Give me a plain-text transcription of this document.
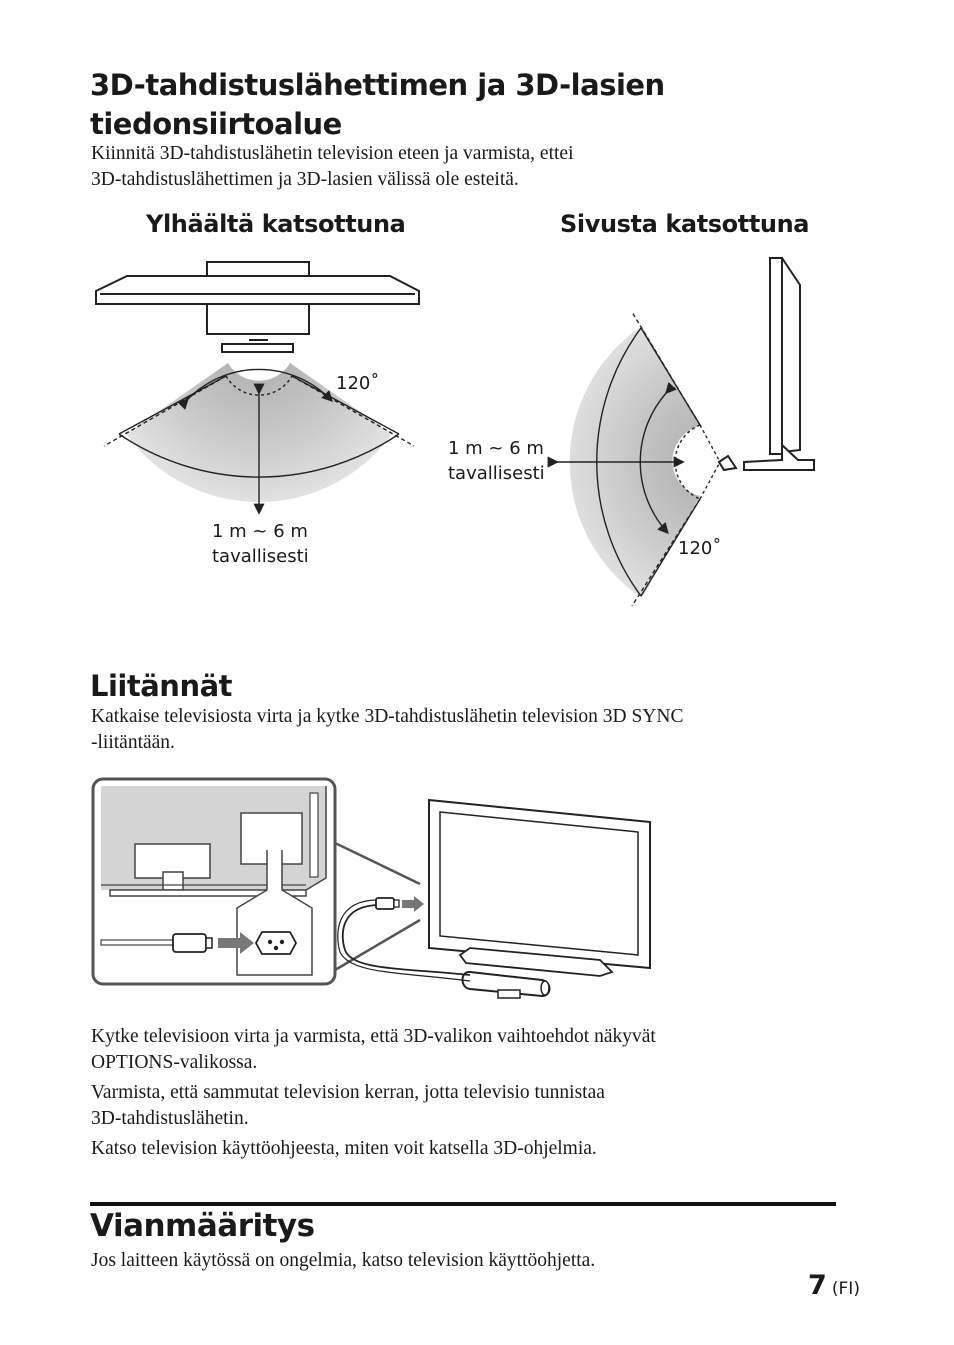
3D-tahdistuslähettimen ja 3D-lasien
tiedonsiirtoalue
Kiinnitä 3D-tahdistuslähetin television eteen ja varmista, ettei
3D-tahdistuslähettimen ja 3D-lasien välissä ole esteitä.
Ylhäältä katsottuna	Sivusta katsottuna
120˚
1 m ~ 6 m
tavallisesti
1 m ~ 6 m
tavallisesti
120˚
Liitännät
Katkaise televisiosta virta ja kytke 3D-tahdistuslähetin television 3D SYNC
-liitäntään.
Kytke televisioon virta ja varmista, että 3D-valikon vaihtoehdot näkyvät
OPTIONS-valikossa.
Varmista, että sammutat television kerran, jotta televisio tunnistaa
3D-tahdistuslähetin.
Katso television käyttöohjeesta, miten voit katsella 3D-ohjelmia.
Vianmääritys
Jos laitteen käytössä on ongelmia, katso television käyttöohjetta.
7 (FI)
